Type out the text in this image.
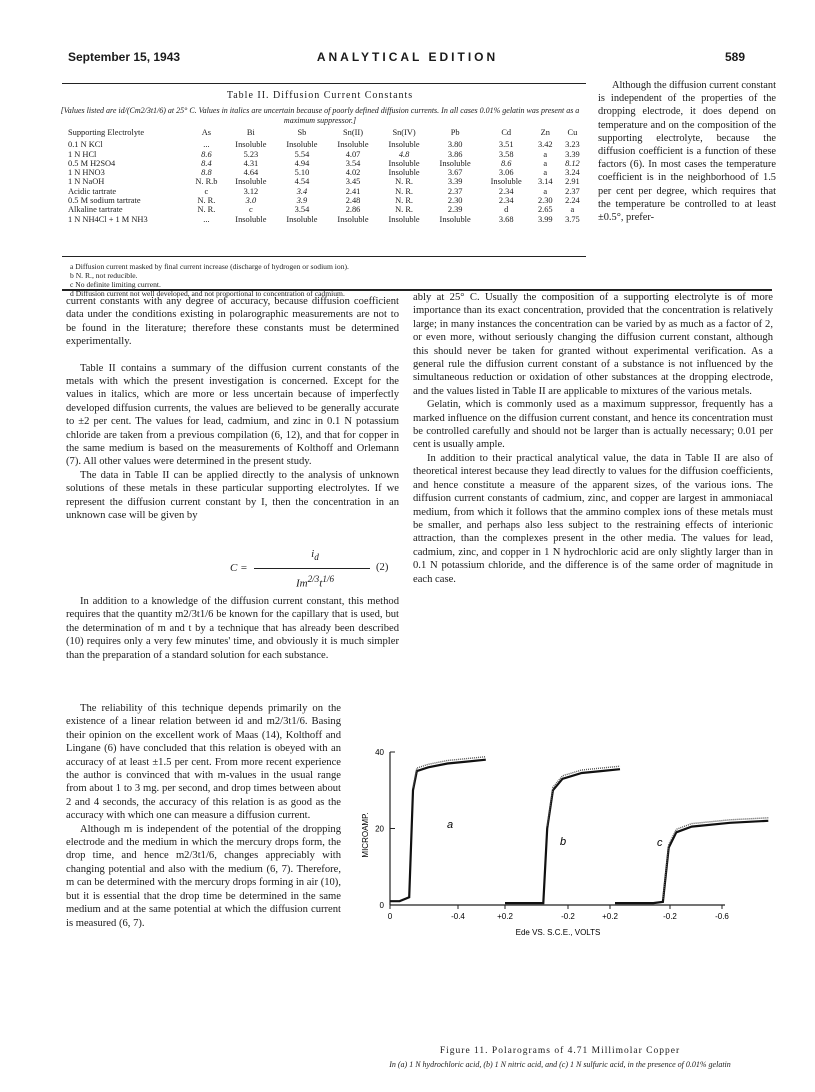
September 15, 1943	ANALYTICAL EDITION	589
Table II. Diffusion Current Constants
[Values listed are id/(Cm2/3t1/6) at 25° C. Values in italics are uncertain because of poorly defined diffusion currents. In all cases 0.01% gelatin was present as a maximum suppressor.]
Supporting Electrolyte	As	Bi	Sb	Sn(II)	Sn(IV)	Pb	Cd	Zn	Cu
0.1 N KCl	...	Insoluble	Insoluble	Insoluble	Insoluble	3.80	3.51	3.42	3.23
1 N HCl	8.6	5.23	5.54	4.07	4.8	3.86	3.58	a	3.39
0.5 M H2SO4	8.4	4.31	4.94	3.54	Insoluble	Insoluble	8.6	a	8.12
1 N HNO3	8.8	4.64	5.10	4.02	Insoluble	3.67	3.06	a	3.24
1 N NaOH	N. R.b	Insoluble	4.54	3.45	N. R.	3.39	Insoluble	3.14	2.91
Acidic tartrate	c	3.12	3.4	2.41	N. R.	2.37	2.34	a	2.37
0.5 M sodium tartrate	N. R.	3.0	3.9	2.48	N. R.	2.30	2.34	2.30	2.24
Alkaline tartrate	N. R.	c	3.54	2.86	N. R.	2.39	d	2.65	a
1 N NH4Cl + 1 M NH3	...	Insoluble	Insoluble	Insoluble	Insoluble	Insoluble	3.68	3.99	3.75
a Diffusion current masked by final current increase (discharge of hydrogen or sodium ion).
b N. R., not reducible.
c No definite limiting current.
d Diffusion current not well developed, and not proportional to concentration of cadmium.

Although the diffusion current constant is independent of the properties of the dropping electrode, it does depend on temperature and on the composition of the supporting electrolyte, because the diffusion coefficient is a function of these factors (6). In most cases the temperature coefficient is in the neighborhood of 1.5 per cent per degree, which requires that the temperature be controlled to at least ±0.5°, prefer-

current constants with any degree of accuracy, because diffusion coefficient data under the conditions existing in polarographic measurements are not to be found in the literature; therefore these constants must be determined experimentally.

Table II contains a summary of the diffusion current constants of the metals with which the present investigation is concerned. Except for the values in italics, which are more or less uncertain because of imperfectly developed diffusion currents, the values are believed to be generally accurate to ±2 per cent. The values for lead, cadmium, and zinc in 0.1 N potassium chloride are taken from a previous compilation (6, 12), and that for copper in the same medium is based on the measurements of Kolthoff and Orlemann (7). All other values were determined in the present study.

The data in Table II can be applied directly to the analysis of unknown solutions of these metals in these particular supporting electrolytes. If we represent the diffusion current constant by I, then the concentration in an unknown case will be given by

$i_d$
C =
$Im^{2/3}t^{1/6}$
(2)

In addition to a knowledge of the diffusion current constant, this method requires that the quantity m2/3t1/6 be known for the capillary that is used, but the determination of m and t by a technique that has already been described (10) requires only a very few minutes' time, and obviously it is much simpler than the preparation of a standard solution for each substance.

The reliability of this technique depends primarily on the existence of a linear relation between id and m2/3t1/6. Basing their opinion on the excellent work of Maas (14), Kolthoff and Lingane (6) have concluded that this relation is obeyed with an accuracy of at least ±1.5 per cent. From more recent experience the author is convinced that with m-values in the usual range from about 1 to 3 mg. per second, and drop times between about 2 and 4 seconds, the accuracy of this relation is as good as the accuracy with which one can measure a diffusion current.

Although m is independent of the potential of the dropping electrode and the medium in which the mercury drops form, the drop time, and hence m2/3t1/6, changes appreciably with changing potential and also with the medium (6, 7). Therefore, m can be determined with the mercury drops forming in air (10), but it is essential that the drop time be determined in the same medium and at the same potential at which the diffusion current is measured (6, 7).

ably at 25° C. Usually the composition of a supporting electrolyte is of more importance than its exact concentration, provided that the concentration is relatively large; in many instances the concentration can be varied by as much as a factor of 2, or even more, without seriously changing the diffusion current constant, although this should never be taken for granted without experimental verification. As a general rule the diffusion current constant of a substance is not influenced by the simultaneous reduction or oxidation of other substances at the dropping electrode, and the values listed in Table II are applicable to mixtures of the various metals.

Gelatin, which is commonly used as a maximum suppressor, frequently has a marked influence on the diffusion current constant, and hence its concentration must be controlled carefully and should not be larger than is actually necessary; 0.01 per cent is usually ample.

In addition to their practical analytical value, the data in Table II are also of theoretical interest because they lead directly to values for the diffusion coefficients, and hence constitute a measure of the apparent sizes, of the various ions. The diffusion current constants of cadmium, zinc, and copper are largest in ammoniacal medium, from which it follows that the ammino complex ions of these metals must be smaller, and perhaps also less subject to the restraining effects of interionic attraction, than the complexes present in the other media. The values for lead, cadmium, zinc, and copper in 1 N hydrochloric acid are only slightly larger than in 0.1 N potassium chloride, and the difference is of the same order of magnitude in each case.

0
20
40
MICROAMP.
0	-0.4	+0.2	-0.2	+0.2	-0.2	-0.6
Ede VS. S.C.E., VOLTS
a
b	c
Figure 11. Polarograms of 4.71 Millimolar Copper
In (a) 1 N hydrochloric acid, (b) 1 N nitric acid, and (c) 1 N sulfuric acid, in the presence of 0.01% gelatin
